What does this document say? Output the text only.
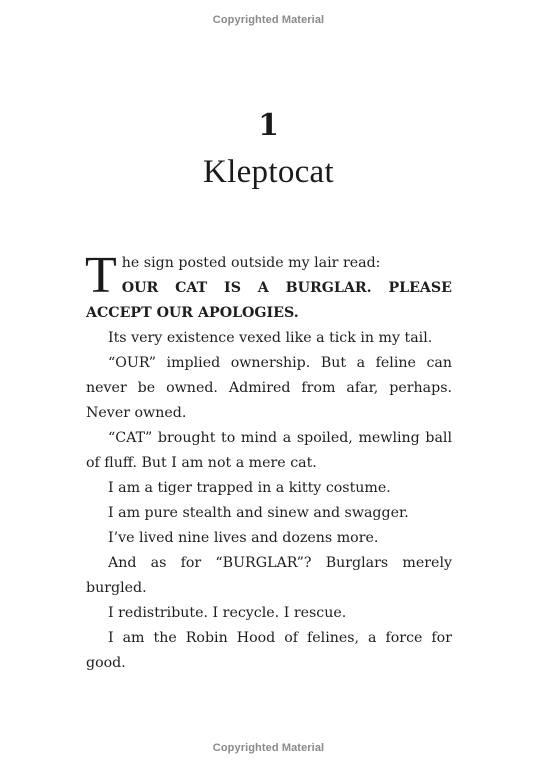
Copyrighted Material
1
Kleptocat

The sign posted outside my lair read:
OUR CAT IS A BURGLAR. PLEASE ACCEPT OUR APOLOGIES.

Its very existence vexed like a tick in my tail.

“OUR” implied ownership. But a feline can never be owned. Admired from afar, perhaps. Never owned.

“CAT” brought to mind a spoiled, mewling ball of fluff. But I am not a mere cat.

I am a tiger trapped in a kitty costume.

I am pure stealth and sinew and swagger.

I’ve lived nine lives and dozens more.

And as for “BURGLAR”? Burglars merely burgled.

I redistribute. I recycle. I rescue.

I am the Robin Hood of felines, a force for good.

Copyrighted Material
